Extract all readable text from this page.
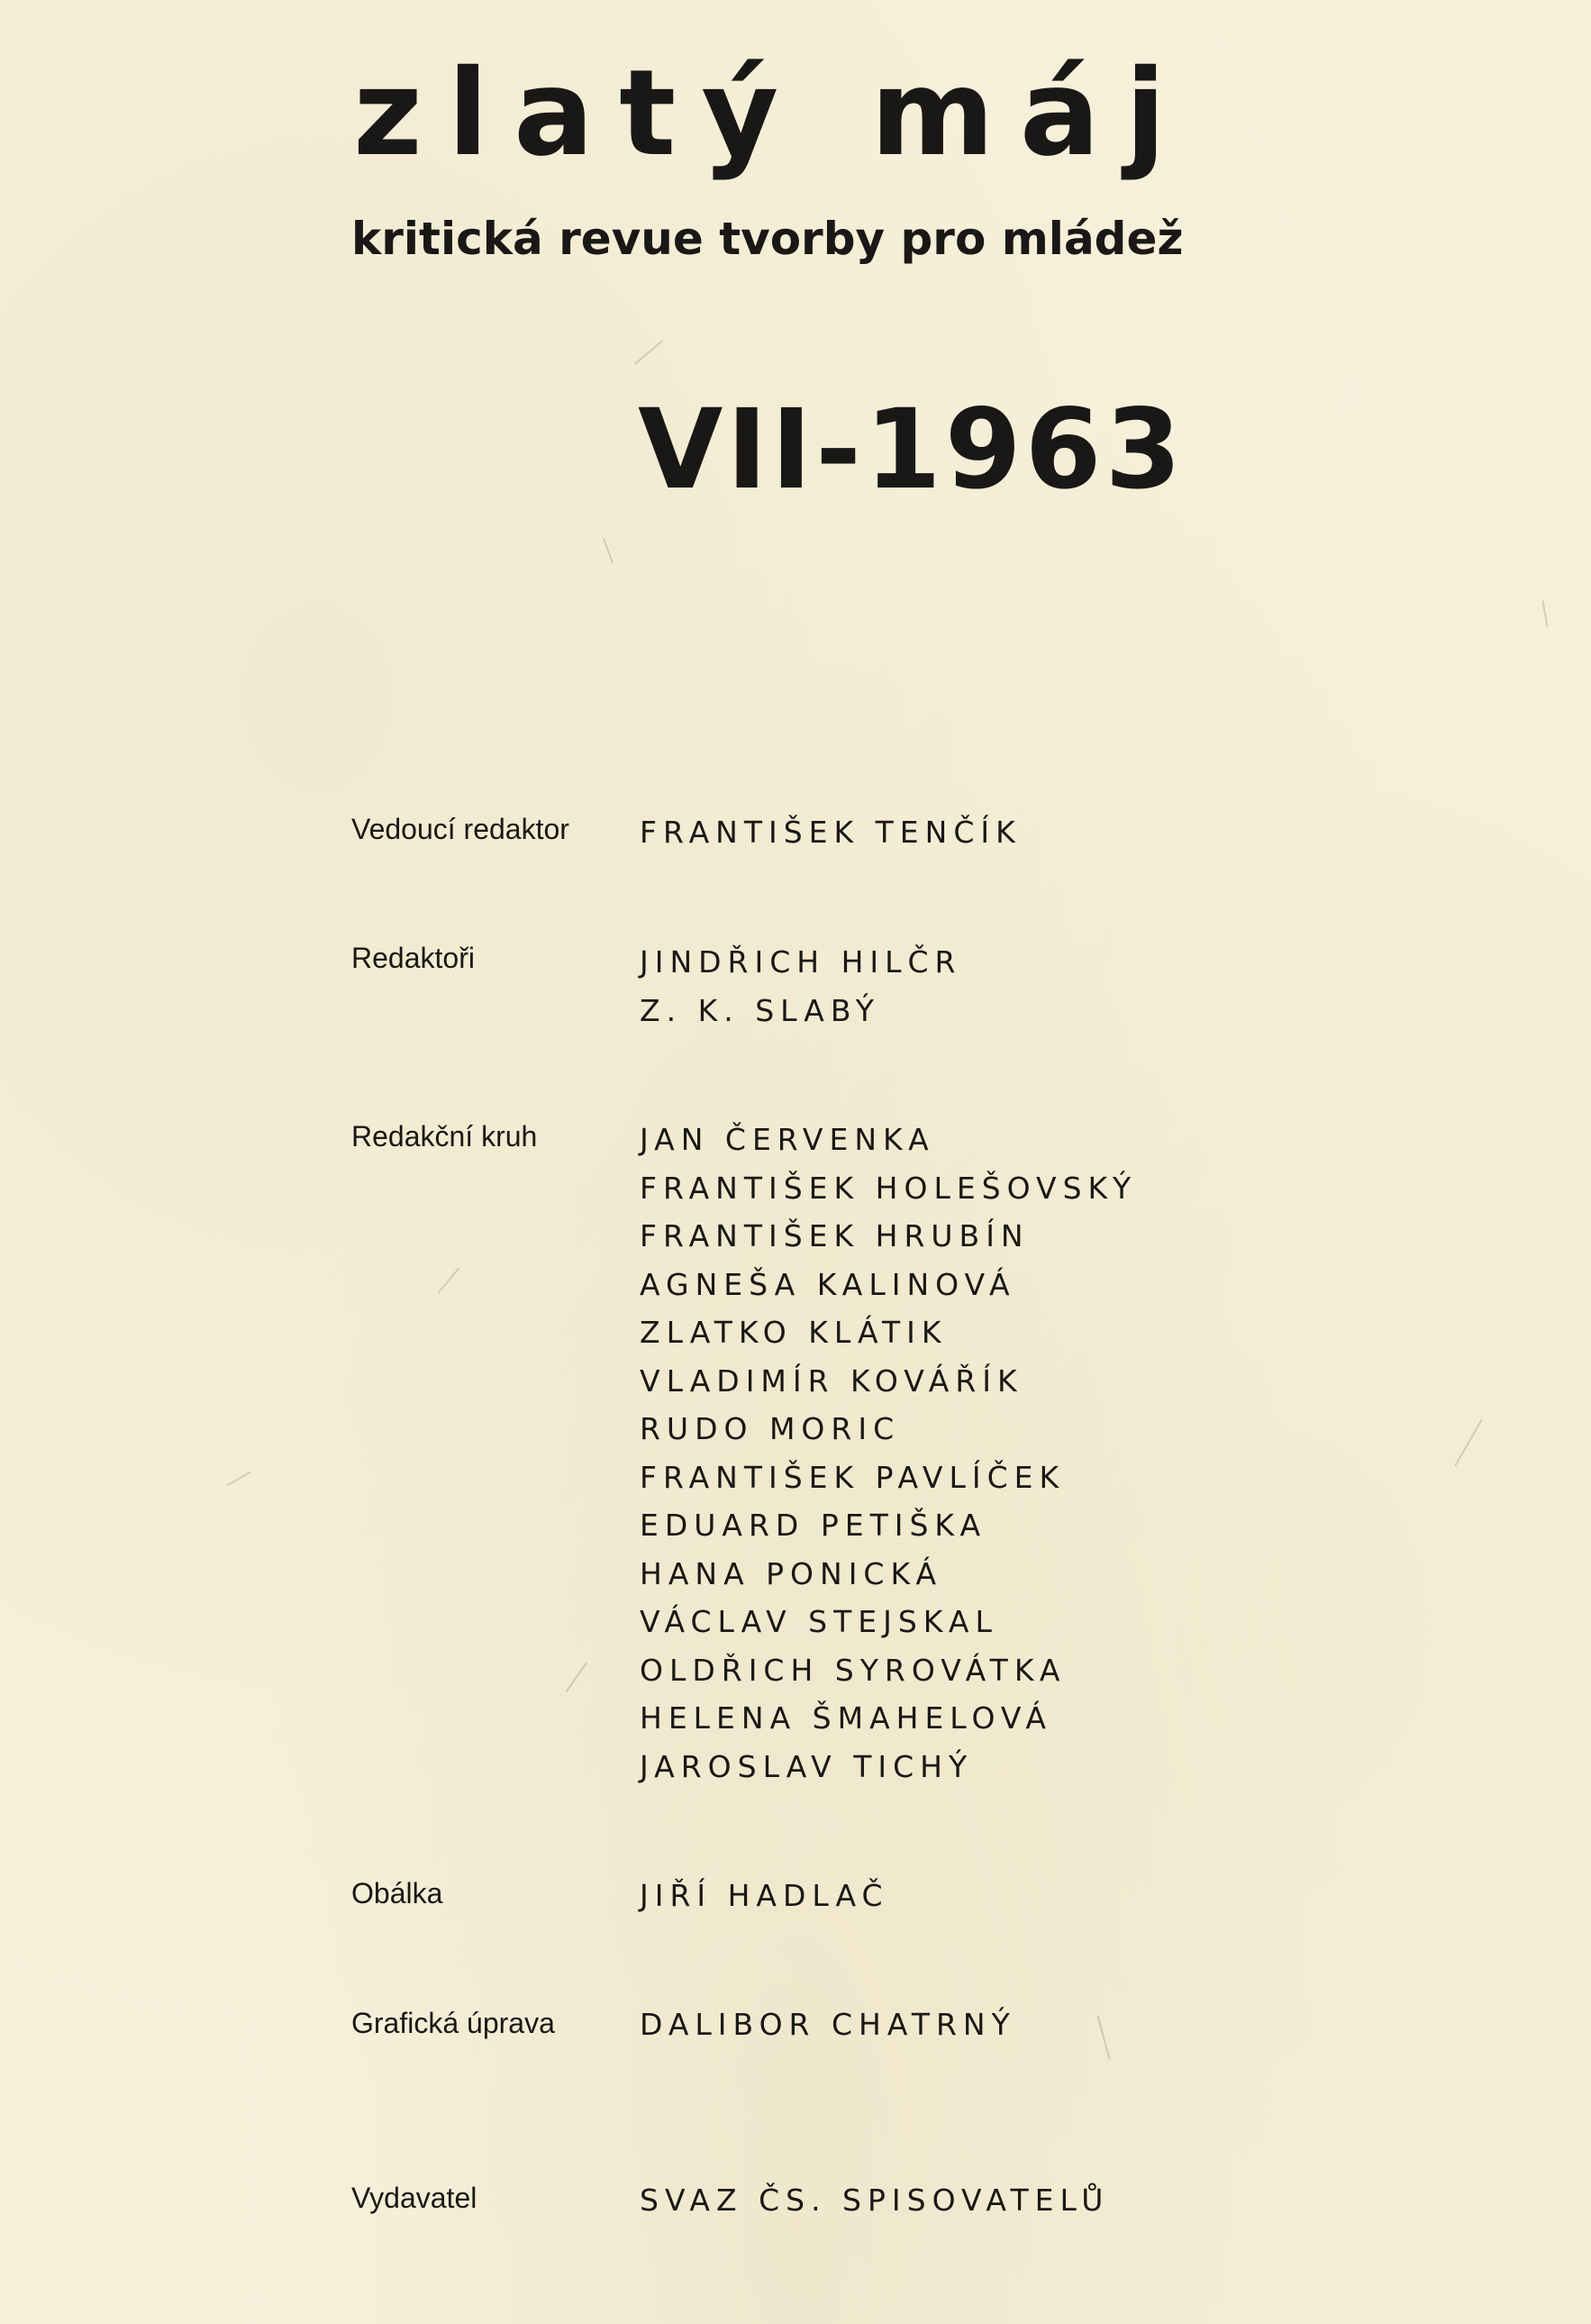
zlatý máj
kritická revue tvorby pro mládež
VII-1963
Vedoucí redaktor FRANTIŠEK TENČÍK
Redaktoři	JINDŘICH HILČR
Z. K. SLABÝ
Redakční kruh	JAN ČERVENKA
FRANTIŠEK HOLEŠOVSKÝ
FRANTIŠEK HRUBÍN
AGNEŠA KALINOVÁ
ZLATKO KLÁTIK
VLADIMÍR KOVÁŘÍK
RUDO MORIC
FRANTIŠEK PAVLÍČEK
EDUARD PETIŠKA
HANA PONICKÁ
VÁCLAV STEJSKAL
OLDŘICH SYROVÁTKA
HELENA ŠMAHELOVÁ
JAROSLAV TICHÝ
Obálka	JIŘÍ HADLAČ
Grafická úprava	DALIBOR CHATRNÝ
Vydavatel	SVAZ ČS. SPISOVATELŮ
